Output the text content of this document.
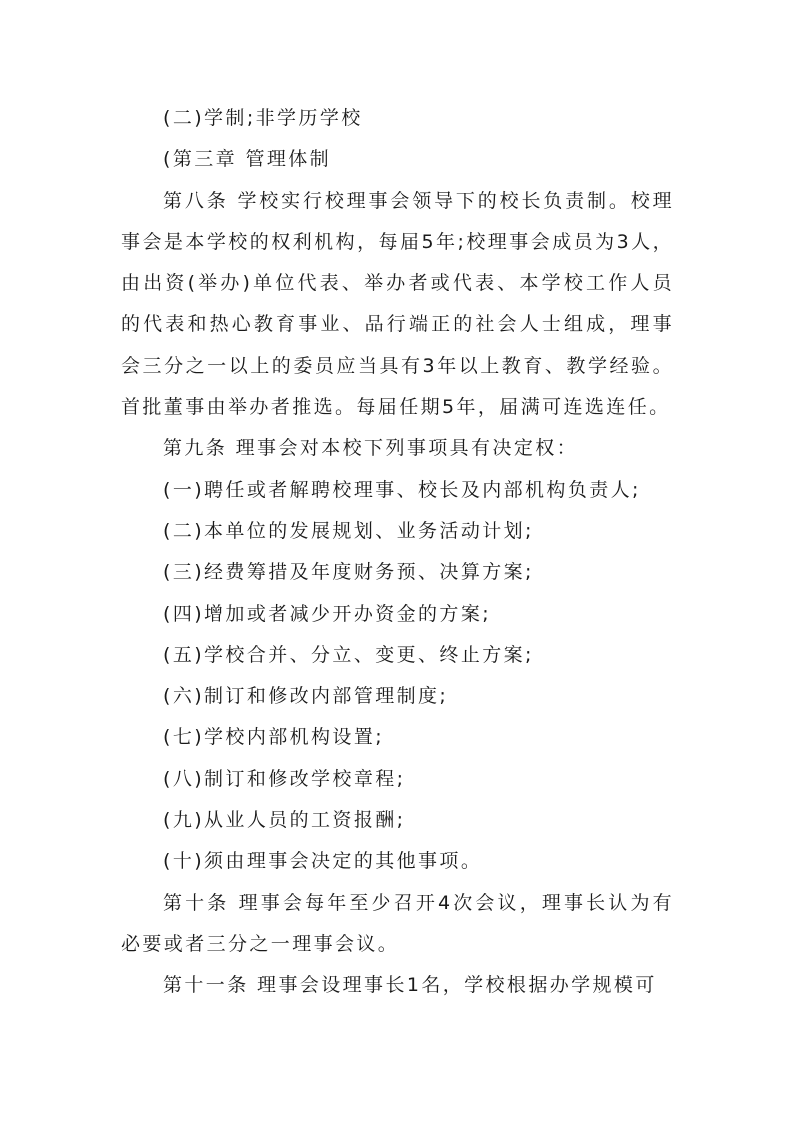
(二)学制;非学历学校

(第三章 管理体制

第八条 学校实行校理事会领导下的校长负责制。校理事会是本学校的权利机构，每届5年;校理事会成员为3人，由出资(举办)单位代表、举办者或代表、本学校工作人员的代表和热心教育事业、品行端正的社会人士组成，理事会三分之一以上的委员应当具有3年以上教育、教学经验。首批董事由举办者推选。每届任期5年，届满可连选连任。

第九条 理事会对本校下列事项具有决定权：

(一)聘任或者解聘校理事、校长及内部机构负责人;

(二)本单位的发展规划、业务活动计划;

(三)经费筹措及年度财务预、决算方案;

(四)增加或者减少开办资金的方案;

(五)学校合并、分立、变更、终止方案;

(六)制订和修改内部管理制度;

(七)学校内部机构设置;

(八)制订和修改学校章程;

(九)从业人员的工资报酬;

(十)须由理事会决定的其他事项。

第十条 理事会每年至少召开4次会议，理事长认为有必要或者三分之一理事会议。

第十一条 理事会设理事长1名，学校根据办学规模可
